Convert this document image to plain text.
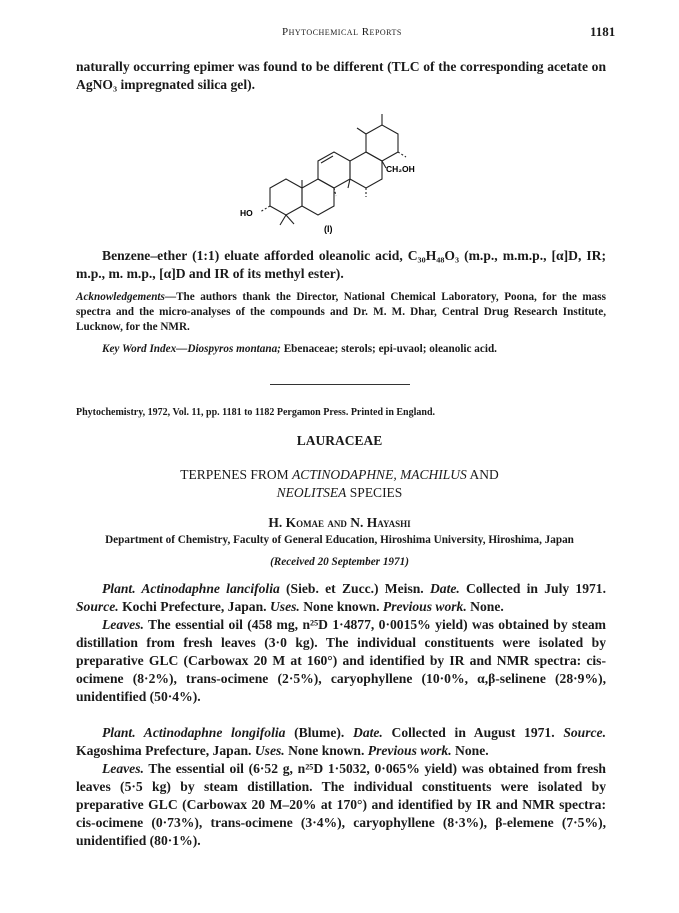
Phytochemical Reports	1181

naturally occurring epimer was found to be different (TLC of the corresponding acetate on AgNO₃ impregnated silica gel).

CH₂OH
HO
(I)

Benzene–ether (1:1) eluate afforded oleanolic acid, C₃₀H₄₈O₃ (m.p., m.m.p., [α]D, IR; m.p., m. m.p., [α]D and IR of its methyl ester).

Acknowledgements—The authors thank the Director, National Chemical Laboratory, Poona, for the mass spectra and the micro-analyses of the compounds and Dr. M. M. Dhar, Central Drug Research Institute, Lucknow, for the NMR.

Key Word Index—Diospyros montana; Ebenaceae; sterols; epi-uvaol; oleanolic acid.

Phytochemistry, 1972, Vol. 11, pp. 1181 to 1182 Pergamon Press. Printed in England.

LAURACEAE

TERPENES FROM ACTINODAPHNE, MACHILUS AND
NEOLITSEA SPECIES

H. Komae and N. Hayashi

Department of Chemistry, Faculty of General Education, Hiroshima University, Hiroshima, Japan

(Received 20 September 1971)

Plant. Actinodaphne lancifolia (Sieb. et Zucc.) Meisn. Date. Collected in July 1971. Source. Kochi Prefecture, Japan. Uses. None known. Previous work. None.

Leaves. The essential oil (458 mg, n²⁵D 1·4877, 0·0015% yield) was obtained by steam distillation from fresh leaves (3·0 kg). The individual constituents were isolated by preparative GLC (Carbowax 20 M at 160°) and identified by IR and NMR spectra: cis-ocimene (8·2%), trans-ocimene (2·5%), caryophyllene (10·0%, α,β-selinene (28·9%), unidentified (50·4%).

Plant. Actinodaphne longifolia (Blume). Date. Collected in August 1971. Source. Kagoshima Prefecture, Japan. Uses. None known. Previous work. None.

Leaves. The essential oil (6·52 g, n²⁵D 1·5032, 0·065% yield) was obtained from fresh leaves (5·5 kg) by steam distillation. The individual constituents were isolated by preparative GLC (Carbowax 20 M–20% at 170°) and identified by IR and NMR spectra: cis-ocimene (0·73%), trans-ocimene (3·4%), caryophyllene (8·3%), β-elemene (7·5%), unidentified (80·1%).
